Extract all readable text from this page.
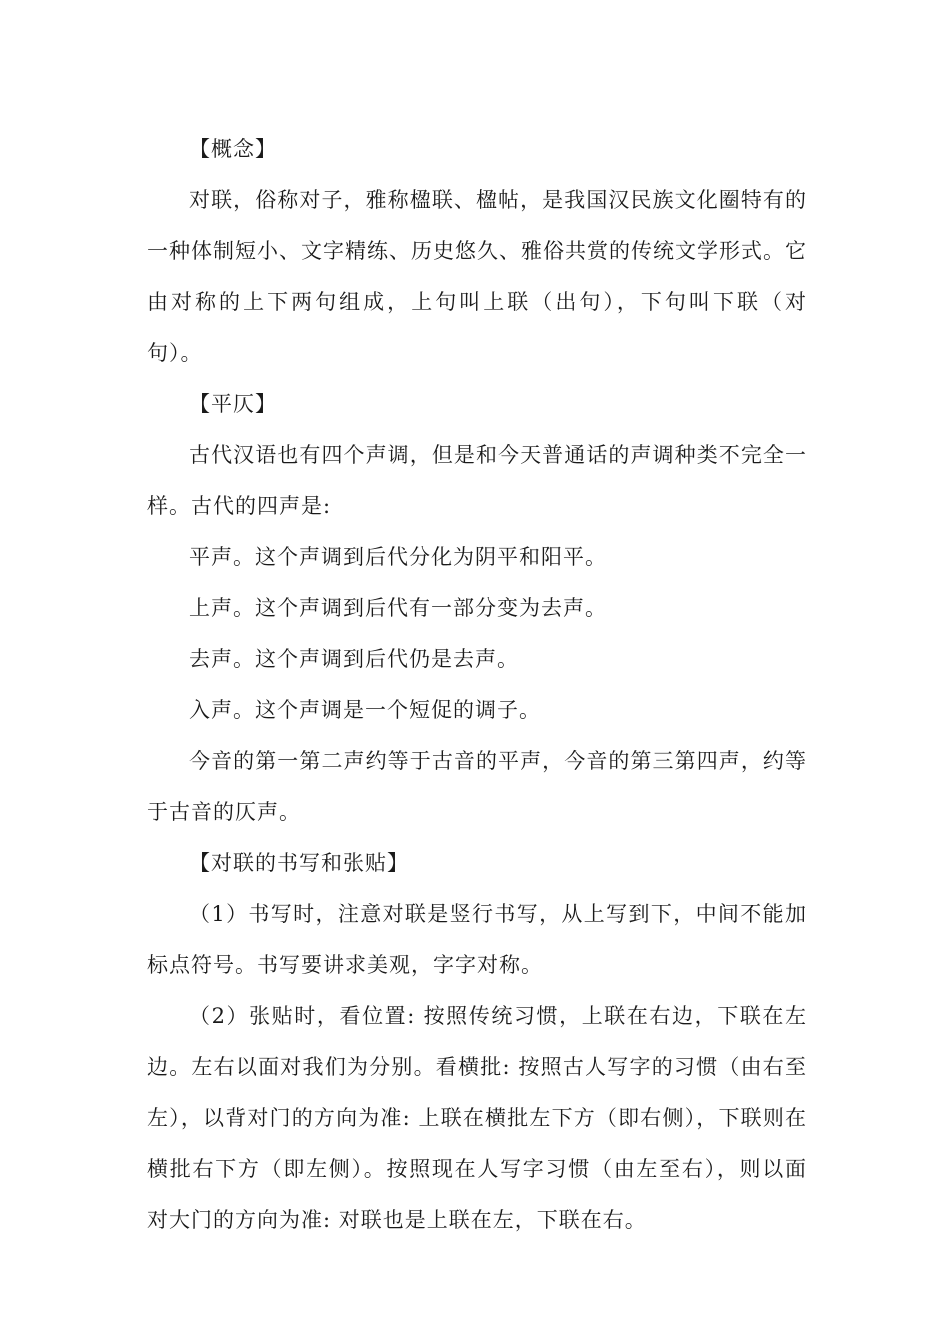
【概念】

对联，俗称对子，雅称楹联、楹帖，是我国汉民族文化圈特有的一种体制短小、文字精练、历史悠久、雅俗共赏的传统文学形式。它由对称的上下两句组成，上句叫上联（出句），下句叫下联（对句）。

【平仄】

古代汉语也有四个声调，但是和今天普通话的声调种类不完全一样。古代的四声是:

平声。这个声调到后代分化为阴平和阳平。

上声。这个声调到后代有一部分变为去声。

去声。这个声调到后代仍是去声。

入声。这个声调是一个短促的调子。

今音的第一第二声约等于古音的平声，今音的第三第四声，约等于古音的仄声。

【对联的书写和张贴】

（1）书写时，注意对联是竖行书写，从上写到下，中间不能加标点符号。书写要讲求美观，字字对称。

（2）张贴时，看位置: 按照传统习惯，上联在右边，下联在左边。左右以面对我们为分别。看横批: 按照古人写字的习惯（由右至左），以背对门的方向为准: 上联在横批左下方（即右侧），下联则在横批右下方（即左侧）。按照现在人写字习惯（由左至右），则以面对大门的方向为准: 对联也是上联在左，下联在右。
